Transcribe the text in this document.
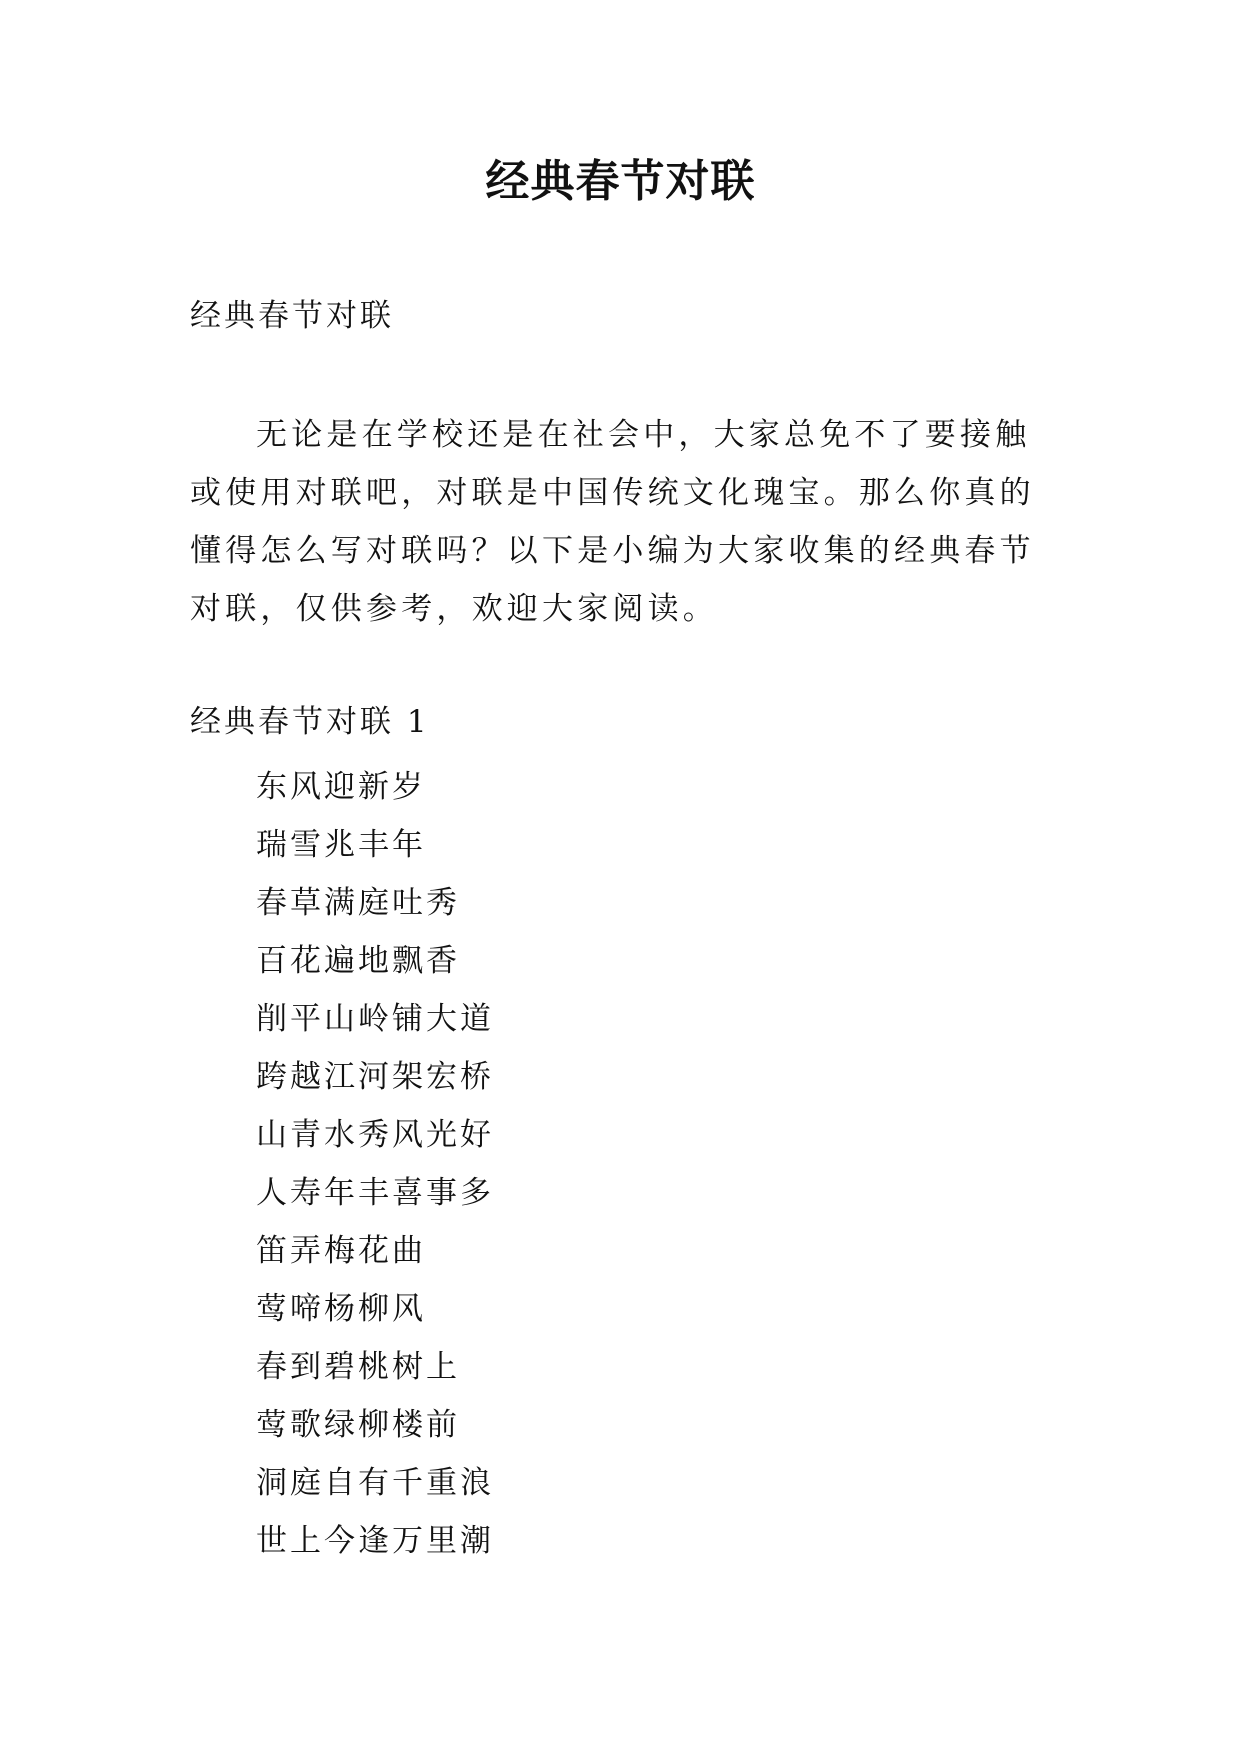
经典春节对联

经典春节对联

无论是在学校还是在社会中，大家总免不了要接触或使用对联吧，对联是中国传统文化瑰宝。那么你真的懂得怎么写对联吗？以下是小编为大家收集的经典春节对联，仅供参考，欢迎大家阅读。

经典春节对联 1

东风迎新岁
瑞雪兆丰年
春草满庭吐秀
百花遍地飘香
削平山岭铺大道
跨越江河架宏桥
山青水秀风光好
人寿年丰喜事多
笛弄梅花曲
莺啼杨柳风
春到碧桃树上
莺歌绿柳楼前
洞庭自有千重浪
世上今逢万里潮
